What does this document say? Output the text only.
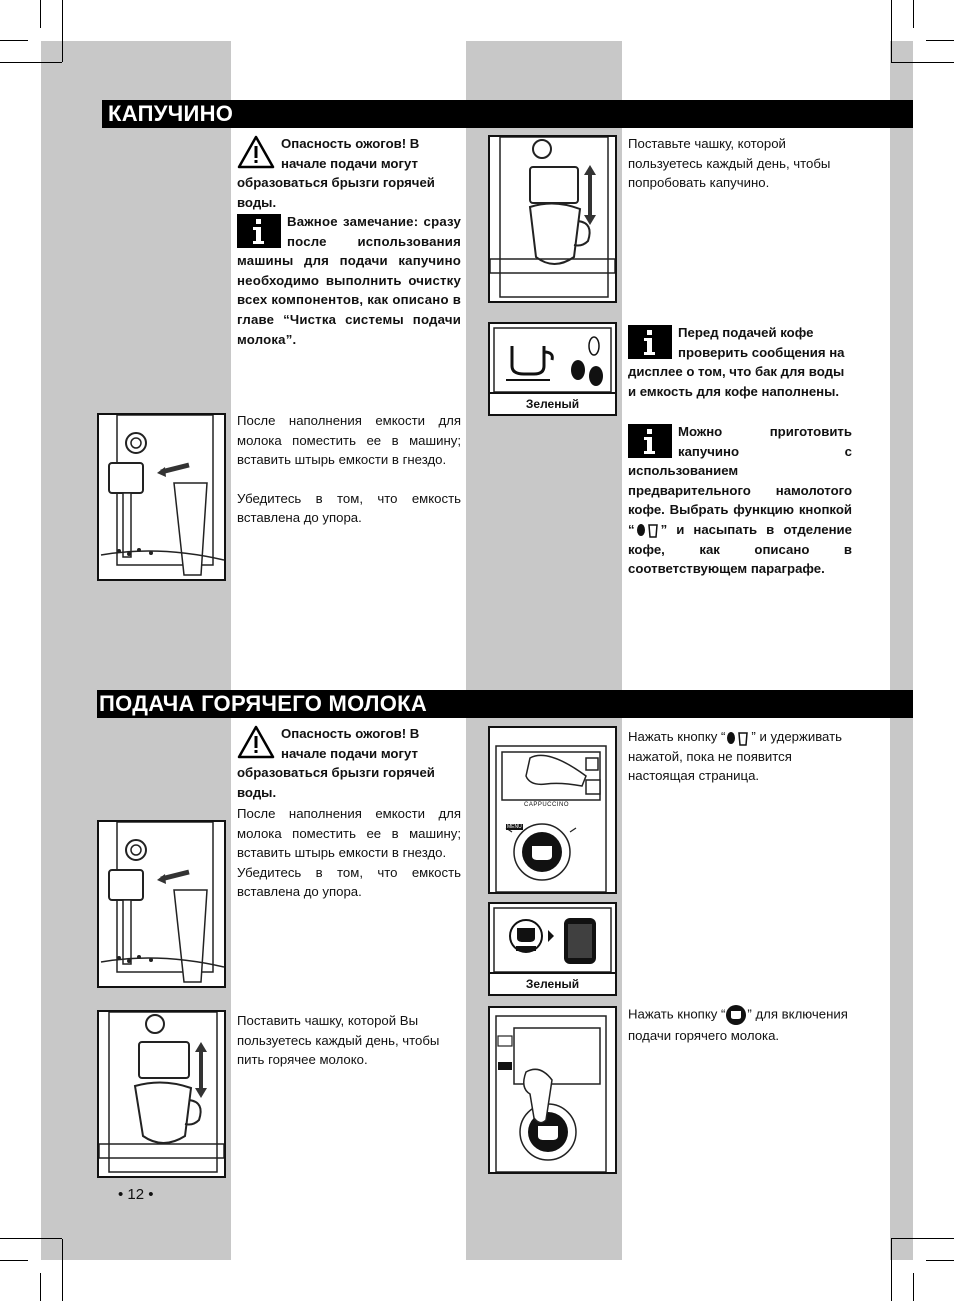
КАПУЧИНО
Опасность ожогов! В начале подачи могут образоваться брызги горячей воды.
Важное замечание: сразу после использования машины для подачи капучино необходимо выполнить очистку всех компонентов, как описано в главе “Чистка системы подачи молока”.
После наполнения емкости для молока поместить ее в машину; вставить штырь емкости в гнездо.
Убедитесь в том, что емкость вставлена до упора.
Поставьте чашку, которой пользуетесь каждый день, чтобы попробовать капучино.
Зеленый
Перед подачей кофе проверить сообщения на дисплее о том, что бак для воды и емкость для кофе наполнены.
Можно приготовить капучино с использованием предварительного намолотого кофе. Выбрать функцию кнопкой “ ” и насыпать в отделение кофе, как описано в соответствующем параграфе.
ПОДАЧА ГОРЯЧЕГО МОЛОКА
Опасность ожогов! В начале подачи могут образоваться брызги горячей воды.
После наполнения емкости для молока поместить ее в машину; вставить штырь емкости в гнездо.
Убедитесь в том, что емкость вставлена до упора.
Поставить чашку, которой Вы пользуетесь каждый день, чтобы пить горячее молоко.
CAPPUCCINO
MENU
Нажать кнопку “ ” и удерживать нажатой, пока не появится настоящая страница.
Зеленый
Нажать кнопку “ ” для включения подачи горячего молока.
• 12 •
